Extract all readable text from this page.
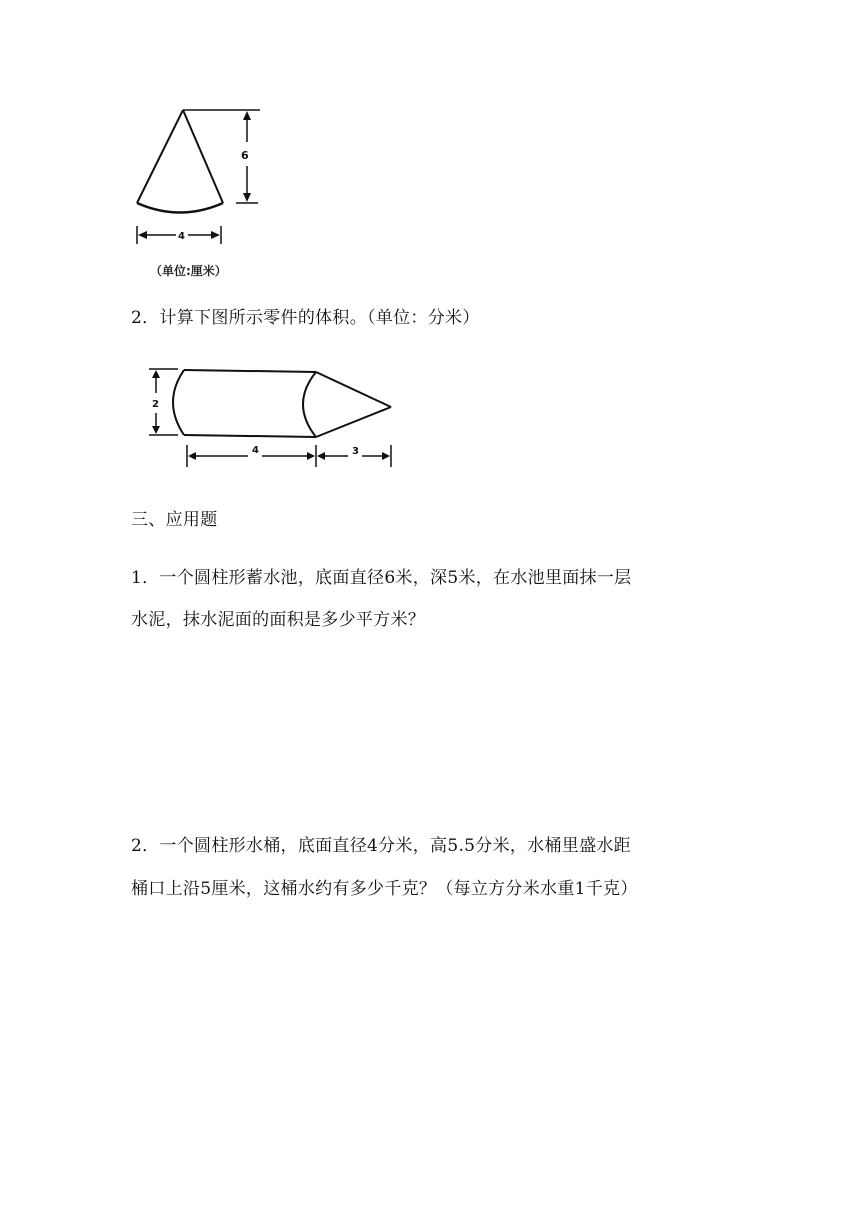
6
4
（单位:厘米）
2．计算下图所示零件的体积。（单位：分米）
2
4	3
三、应用题
1．一个圆柱形蓄水池，底面直径6米，深5米，在水池里面抹一层
水泥，抹水泥面的面积是多少平方米？
2．一个圆柱形水桶，底面直径4分米，高5.5分米，水桶里盛水距
桶口上沿5厘米，这桶水约有多少千克？（每立方分米水重1千克）
